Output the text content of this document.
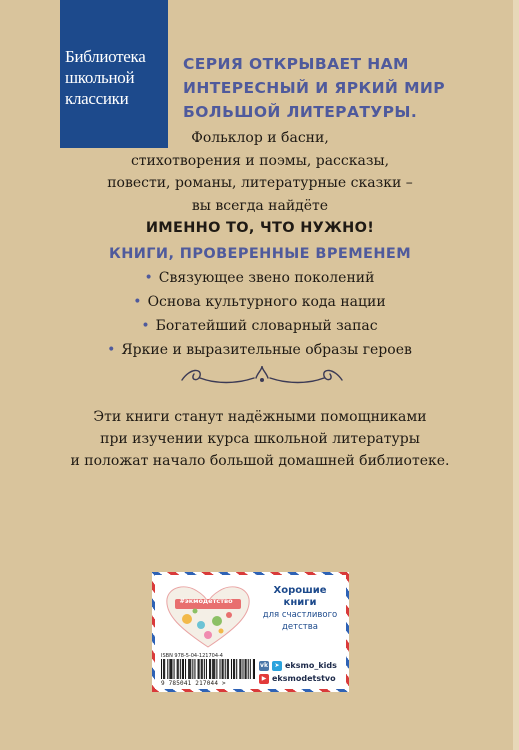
Библиотека
школьной
классики
СЕРИЯ ОТКРЫВАЕТ НАМ
ИНТЕРЕСНЫЙ И ЯРКИЙ МИР
БОЛЬШОЙ ЛИТЕРАТУРЫ.
Фольклор и басни,
стихотворения и поэмы, рассказы,
повести, романы, литературные сказки –
вы всегда найдёте
ИМЕННО ТО, ЧТО НУЖНО!
КНИГИ, ПРОВЕРЕННЫЕ ВРЕМЕНЕМ
• Связующее звено поколений
• Основа культурного кода нации
• Богатейший словарный запас
• Яркие и выразительные образы героев
Эти книги станут надёжными помощниками
при изучении курса школьной литературы
и положат начало большой домашней библиотеке.
#экмодетство
Хорошие
книги
для счастливого
детства
ISBN 978-5-04-121704-4
9 785041 217044 >
vk	➤ eksmo_kids
▶ eksmodetstvo
